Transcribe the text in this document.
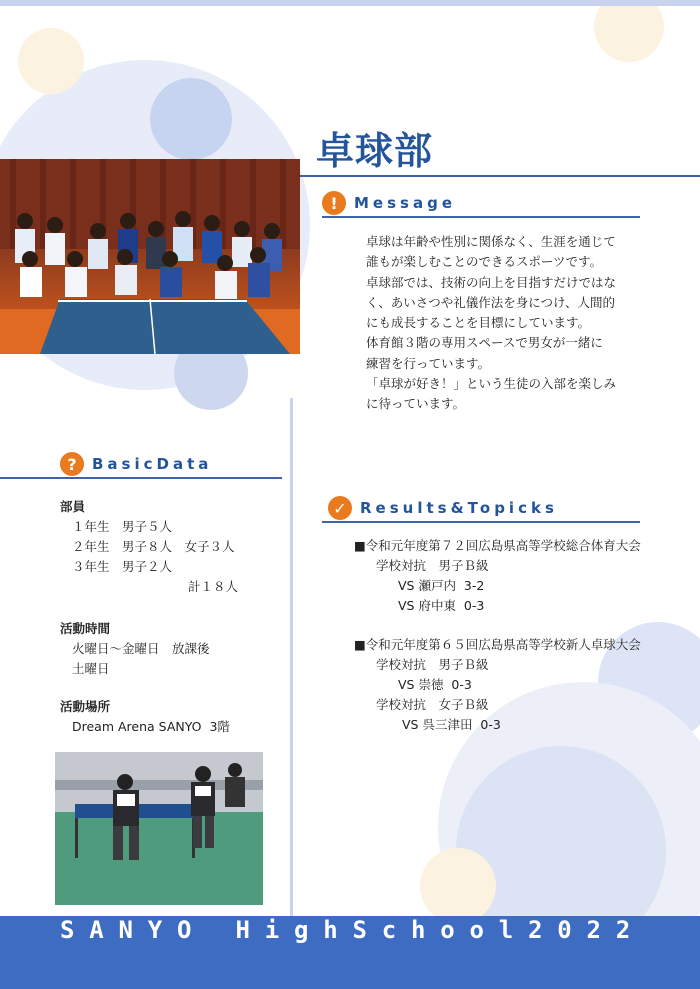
卓球部
!	Message

卓球は年齢や性別に関係なく、生涯を通じて

誰もが楽しむことのできるスポーツです。

卓球部では、技術の向上を目指すだけではな

く、あいさつや礼儀作法を身につけ、人間的

にも成長することを目標にしています。

体育館３階の専用スペースで男女が一緒に

練習を行っています。

「卓球が好き！」という生徒の入部を楽しみ

に待っています。

?	BasicData
部員
１年生　男子５人
２年生　男子８人　女子３人
３年生　男子２人
計１８人
活動時間
火曜日～金曜日　放課後
土曜日
活動場所
Dream Arena SANYO  3階
✓ Results&Topicks
■令和元年度第７２回広島県高等学校総合体育大会
学校対抗　男子Ｂ級
VS 瀬戸内  3-2
VS 府中東  0-3
■令和元年度第６５回広島県高等学校新人卓球大会
学校対抗　男子Ｂ級
VS 崇徳  0-3
学校対抗　女子Ｂ級
VS 呉三津田  0-3
SANYO HighSchool2022
